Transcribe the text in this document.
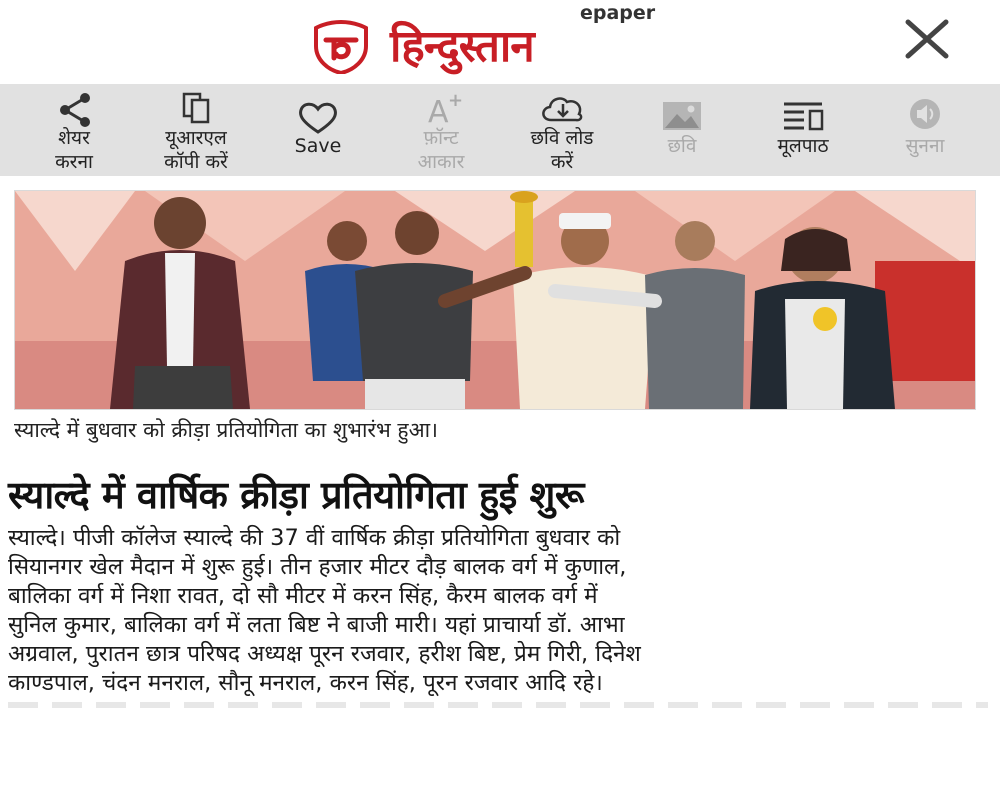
हिन्दुस्तान
epaper
शेयर
करना
यूआरएल
कॉपी करें
Save
A +
फ़ॉन्ट
आकार
छवि लोड
करें
छवि	मूलपाठ	सुनना
स्याल्दे में बुधवार को क्रीड़ा प्रतियोगिता का शुभारंभ हुआ।
स्याल्दे में वार्षिक क्रीड़ा प्रतियोगिता हुई शुरू
स्याल्दे। पीजी कॉलेज स्याल्दे की 37 वीं वार्षिक क्रीड़ा प्रतियोगिता बुधवार को
सियानगर खेल मैदान में शुरू हुई। तीन हजार मीटर दौड़ बालक वर्ग में कुणाल,
बालिका वर्ग में निशा रावत, दो सौ मीटर में करन सिंह, कैरम बालक वर्ग में
सुनिल कुमार, बालिका वर्ग में लता बिष्ट ने बाजी मारी। यहां प्राचार्या डॉ. आभा
अग्रवाल, पुरातन छात्र परिषद अध्यक्ष पूरन रजवार, हरीश बिष्ट, प्रेम गिरी, दिनेश
काण्डपाल, चंदन मनराल, सौनू मनराल, करन सिंह, पूरन रजवार आदि रहे।
